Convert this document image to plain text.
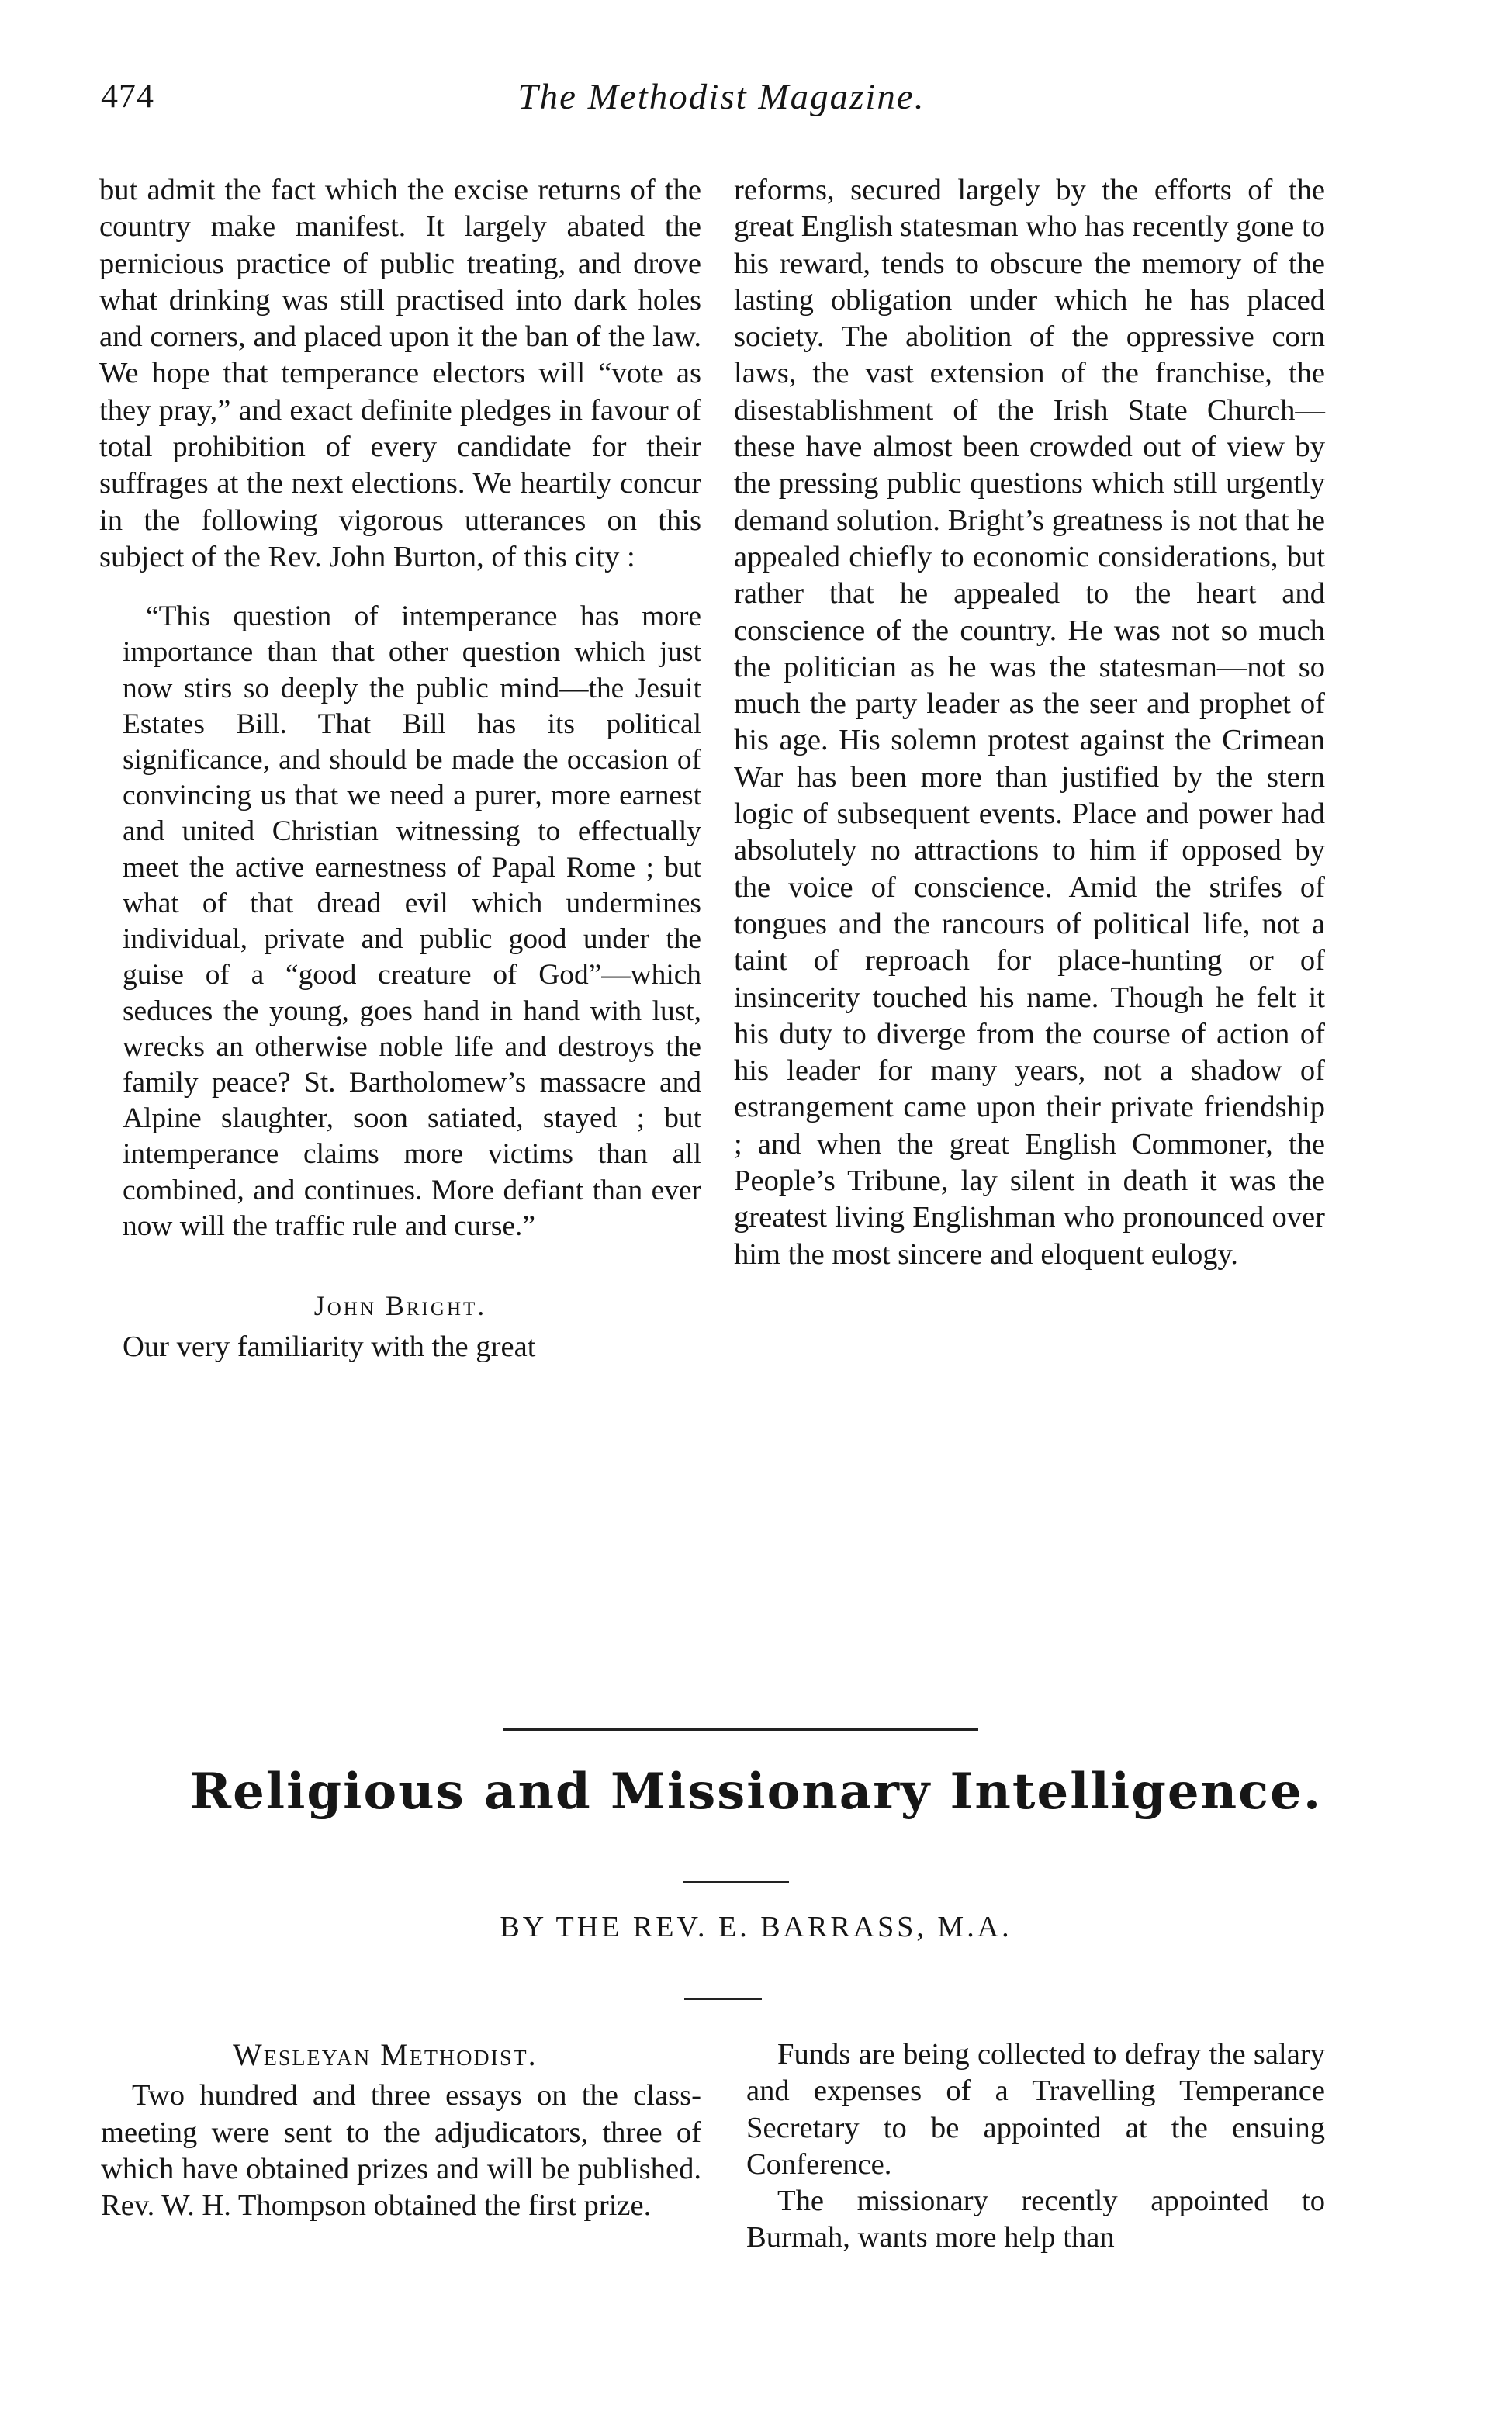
474	The Methodist Magazine.

but admit the fact which the excise returns of the country make manifest. It largely abated the pernicious practice of public treating, and drove what drinking was still practised into dark holes and corners, and placed upon it the ban of the law. We hope that temperance electors will “vote as they pray,” and exact definite pledges in favour of total prohibition of every candidate for their suffrages at the next elections. We heartily concur in the following vigorous utterances on this subject of the Rev. John Burton, of this city :

“This question of intemperance has more importance than that other question which just now stirs so deeply the public mind—the Jesuit Estates Bill. That Bill has its political significance, and should be made the occasion of convincing us that we need a purer, more earnest and united Christian witnessing to effectually meet the active earnestness of Papal Rome ; but what of that dread evil which undermines individual, private and public good under the guise of a “good creature of God”—which seduces the young, goes hand in hand with lust, wrecks an otherwise noble life and destroys the family peace? St. Bartholomew’s massacre and Alpine slaughter, soon satiated, stayed ; but intemperance claims more victims than all combined, and continues. More defiant than ever now will the traffic rule and curse.”

John Bright.

Our very familiarity with the great

reforms, secured largely by the efforts of the great English statesman who has recently gone to his reward, tends to obscure the memory of the lasting obligation under which he has placed society. The abolition of the oppressive corn laws, the vast extension of the franchise, the disestablishment of the Irish State Church—these have almost been crowded out of view by the pressing public questions which still urgently demand solution. Bright’s greatness is not that he appealed chiefly to economic considerations, but rather that he appealed to the heart and conscience of the country. He was not so much the politician as he was the statesman—not so much the party leader as the seer and prophet of his age. His solemn protest against the Crimean War has been more than justified by the stern logic of subsequent events. Place and power had absolutely no attractions to him if opposed by the voice of conscience. Amid the strifes of tongues and the rancours of political life, not a taint of reproach for place-hunting or of insincerity touched his name. Though he felt it his duty to diverge from the course of action of his leader for many years, not a shadow of estrangement came upon their private friendship ; and when the great English Commoner, the People’s Tribune, lay silent in death it was the greatest living Englishman who pronounced over him the most sincere and eloquent eulogy.

Religious and Missionary Intelligence.
BY THE REV. E. BARRASS, M.A.

Wesleyan Methodist.

Two hundred and three essays on the class-meeting were sent to the adjudicators, three of which have obtained prizes and will be published. Rev. W. H. Thompson obtained the first prize.

Funds are being collected to defray the salary and expenses of a Travelling Temperance Secretary to be appointed at the ensuing Conference.

The missionary recently appointed to Burmah, wants more help than
